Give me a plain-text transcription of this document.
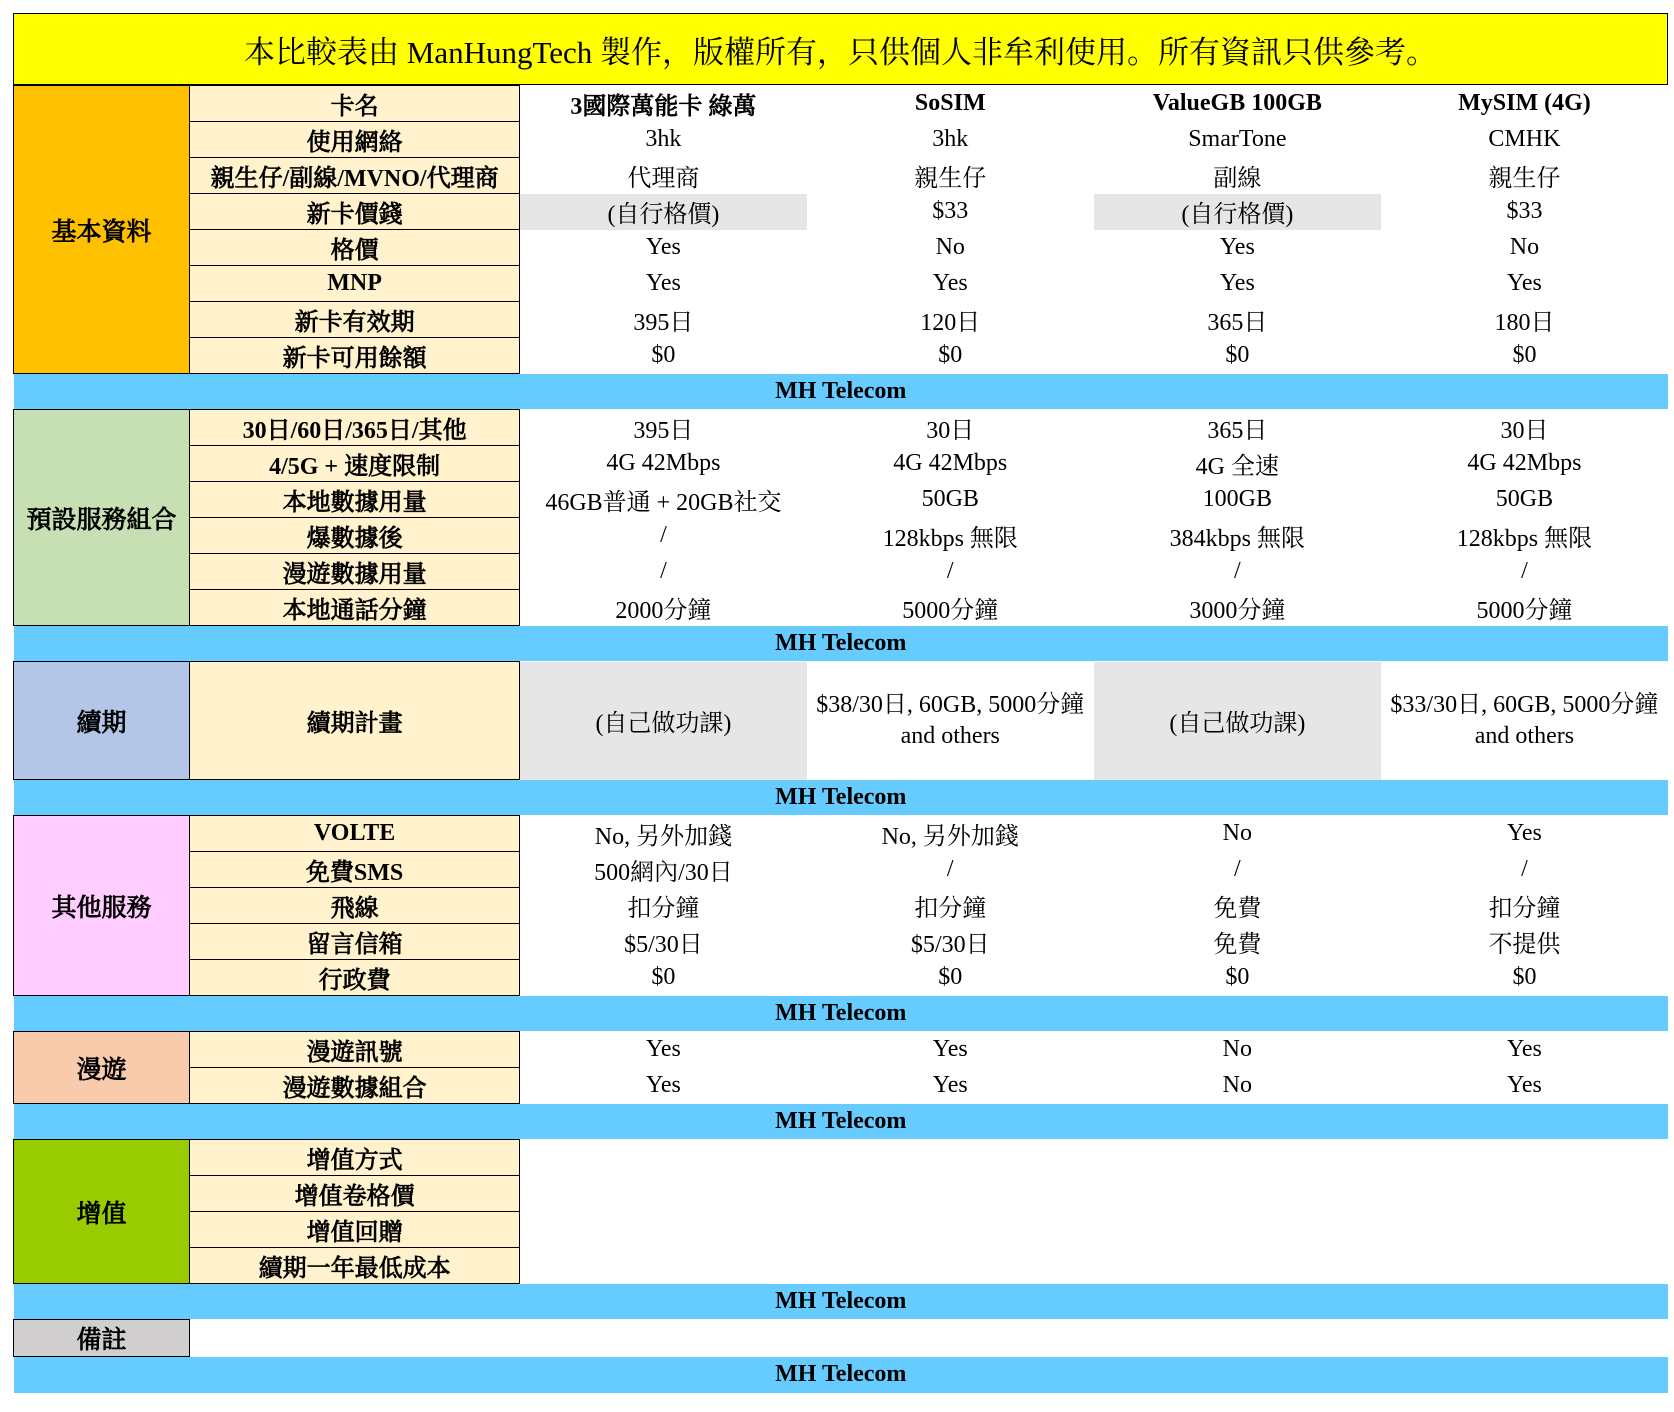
本比較表由 ManHungTech 製作，版權所有，只供個人非牟利使用。所有資訊只供參考。
基本資料	卡名	3國際萬能卡 綠萬	SoSIM	ValueGB 100GB	MySIM (4G)
	使用網絡	3hk	3hk	SmarTone	CMHK
	親生仔/副線/MVNO/代理商	代理商	親生仔	副線	親生仔
	新卡價錢	(自行格價)	$33	(自行格價)	$33
	格價	Yes	No	Yes	No
	MNP	Yes	Yes	Yes	Yes
	新卡有效期	395日	120日	365日	180日
	新卡可用餘額	$0	$0	$0	$0
MH Telecom					
預設服務組合	30日/60日/365日/其他	395日	30日	365日	30日
	4/5G + 速度限制	4G 42Mbps	4G 42Mbps	4G 全速	4G 42Mbps
	本地數據用量	46GB普通 + 20GB社交	50GB	100GB	50GB
	爆數據後	/	128kbps 無限	384kbps 無限	128kbps 無限
	漫遊數據用量	/	/	/	/
	本地通話分鐘	2000分鐘	5000分鐘	3000分鐘	5000分鐘
MH Telecom					
續期	續期計畫	(自己做功課)	$38/30日, 60GB, 5000分鐘 and others	(自己做功課)	$33/30日, 60GB, 5000分鐘 and others
MH Telecom					
其他服務	VOLTE	No, 另外加錢	No, 另外加錢	No	Yes
	免費SMS	500網內/30日	/	/	/
	飛線	扣分鐘	扣分鐘	免費	扣分鐘
	留言信箱	$5/30日	$5/30日	免費	不提供
	行政費	$0	$0	$0	$0
MH Telecom					
漫遊	漫遊訊號	Yes	Yes	No	Yes
	漫遊數據組合	Yes	Yes	No	Yes
MH Telecom					
增值	增值方式				
	增值卷格價				
	增值回贈				
	續期一年最低成本				
MH Telecom					
備註					
MH Telecom					
